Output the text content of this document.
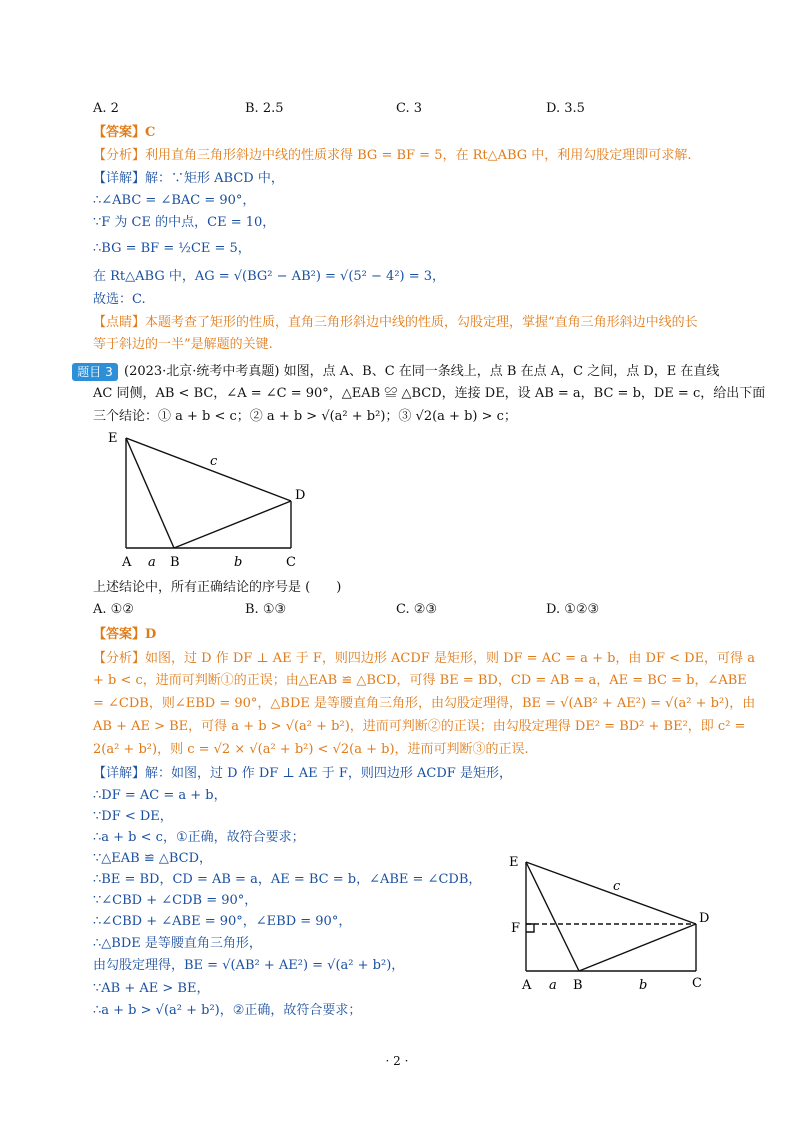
A. 2	B. 2.5	C. 3	D. 3.5
【答案】C
【分析】利用直角三角形斜边中线的性质求得 BG = BF = 5，在 Rt△ABG 中，利用勾股定理即可求解.
【详解】解：∵矩形 ABCD 中，
∴∠ABC = ∠BAC = 90°，
∵F 为 CE 的中点，CE = 10，
∴BG = BF = ½CE = 5，
在 Rt△ABG 中，AG = √(BG² − AB²) = √(5² − 4²) = 3，
故选：C.
【点睛】本题考查了矩形的性质，直角三角形斜边中线的性质，勾股定理，掌握“直角三角形斜边中线的长
等于斜边的一半”是解题的关键.
题目 3 (2023·北京·统考中考真题) 如图，点 A、B、C 在同一条线上，点 B 在点 A，C 之间，点 D，E 在直线
AC 同侧，AB < BC，∠A = ∠C = 90°，△EAB ≌ △BCD，连接 DE，设 AB = a，BC = b，DE = c，给出下面
三个结论：① a + b < c；② a + b > √(a² + b²)；③ √2(a + b) > c；
E
D
A a B	b	C
c
上述结论中，所有正确结论的序号是 (　　)
A. ①②	B. ①③	C. ②③	D. ①②③
【答案】D
【分析】如图，过 D 作 DF ⊥ AE 于 F，则四边形 ACDF 是矩形，则 DF = AC = a + b，由 DF < DE，可得 a
+ b < c，进而可判断①的正误；由△EAB ≌ △BCD，可得 BE = BD，CD = AB = a，AE = BC = b，∠ABE
= ∠CDB，则∠EBD = 90°，△BDE 是等腰直角三角形，由勾股定理得，BE = √(AB² + AE²) = √(a² + b²)，由
AB + AE > BE，可得 a + b > √(a² + b²)，进而可判断②的正误；由勾股定理得 DE² = BD² + BE²，即 c² =
2(a² + b²)，则 c = √2 × √(a² + b²) < √2(a + b)，进而可判断③的正误.
【详解】解：如图，过 D 作 DF ⊥ AE 于 F，则四边形 ACDF 是矩形，
∴DF = AC = a + b，
∵DF < DE，
∴a + b < c，①正确，故符合要求；
∵△EAB ≌ △BCD，
∴BE = BD，CD = AB = a，AE = BC = b，∠ABE = ∠CDB，
∵∠CBD + ∠CDB = 90°，
∴∠CBD + ∠ABE = 90°，∠EBD = 90°，
∴△BDE 是等腰直角三角形，
由勾股定理得，BE = √(AB² + AE²) = √(a² + b²)，
∵AB + AE > BE，
∴a + b > √(a² + b²)，②正确，故符合要求；
E
D
F
A a B	b	C
c
· 2 ·
